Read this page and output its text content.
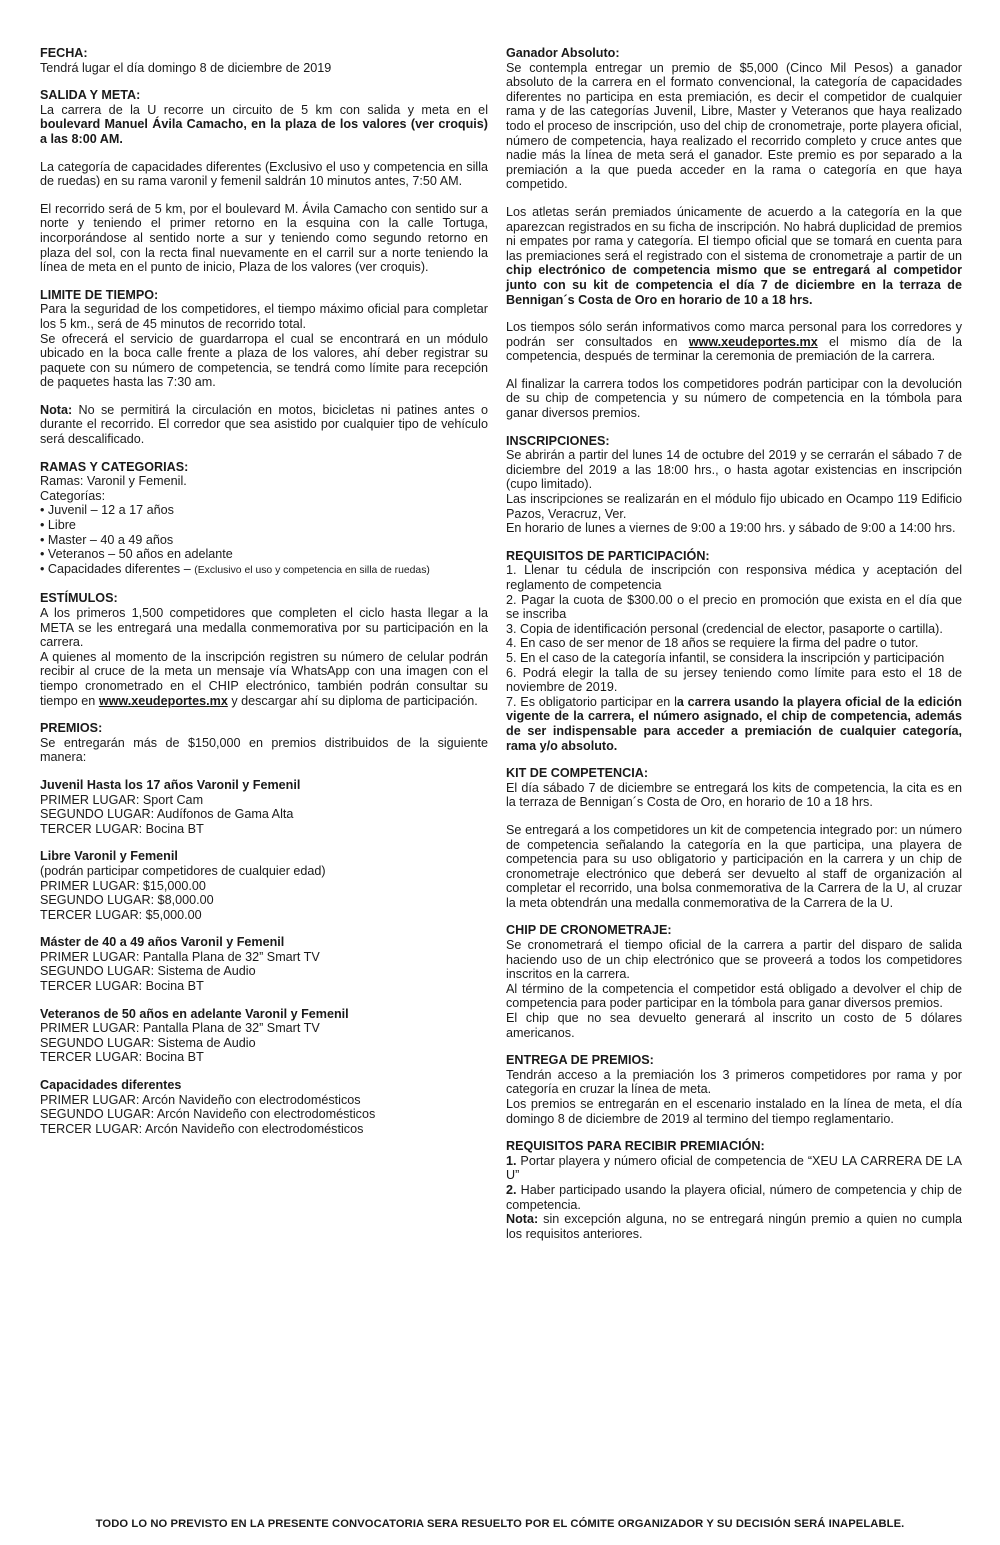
FECHA:

Tendrá lugar el día domingo 8 de diciembre de 2019

SALIDA Y META:

La carrera de la U recorre un circuito de 5 km con salida y meta en el boulevard Manuel Ávila Camacho, en la plaza de los valores (ver croquis) a las 8:00 AM.

La categoría de capacidades diferentes (Exclusivo el uso y competencia en silla de ruedas) en su rama varonil y femenil saldrán 10 minutos antes, 7:50 AM.

El recorrido será de 5 km, por el boulevard M. Ávila Camacho con sentido sur a norte y teniendo el primer retorno en la esquina con la calle Tortuga, incorporándose al sentido norte a sur y teniendo como segundo retorno en plaza del sol, con la recta final nuevamente en el carril sur a norte teniendo la línea de meta en el punto de inicio, Plaza de los valores (ver croquis).

LIMITE DE TIEMPO:

Para la seguridad de los competidores, el tiempo máximo oficial para completar los 5 km., será de 45 minutos de recorrido total.

Se ofrecerá el servicio de guardarropa el cual se encontrará en un módulo ubicado en la boca calle frente a plaza de los valores, ahí deber registrar su paquete con su número de competencia, se tendrá como límite para recepción de paquetes hasta las 7:30 am.

Nota: No se permitirá la circulación en motos, bicicletas ni patines antes o durante el recorrido. El corredor que sea asistido por cualquier tipo de vehículo será descalificado.

RAMAS Y CATEGORIAS:

Ramas: Varonil y Femenil.

Categorías:

• Juvenil – 12 a 17 años

• Libre

• Master – 40 a 49 años

• Veteranos – 50 años en adelante

• Capacidades diferentes – (Exclusivo el uso y competencia en silla de ruedas)

ESTÍMULOS:

A los primeros 1,500 competidores que completen el ciclo hasta llegar a la META se les entregará una medalla conmemorativa por su participación en la carrera.

A quienes al momento de la inscripción registren su número de celular podrán recibir al cruce de la meta un mensaje vía WhatsApp con una imagen con el tiempo cronometrado en el CHIP electrónico, también podrán consultar su tiempo en www.xeudeportes.mx y descargar ahí su diploma de participación.

PREMIOS:

Se entregarán más de $150,000 en premios distribuidos de la siguiente manera:

Juvenil Hasta los 17 años Varonil y Femenil

PRIMER LUGAR: Sport Cam

SEGUNDO LUGAR: Audífonos de Gama Alta

TERCER LUGAR: Bocina BT

Libre Varonil y Femenil

(podrán participar competidores de cualquier edad)

PRIMER LUGAR: $15,000.00

SEGUNDO LUGAR: $8,000.00

TERCER LUGAR: $5,000.00

Máster de 40 a 49 años Varonil y Femenil

PRIMER LUGAR: Pantalla Plana de 32” Smart TV

SEGUNDO LUGAR: Sistema de Audio

TERCER LUGAR: Bocina BT

Veteranos de 50 años en adelante Varonil y Femenil

PRIMER LUGAR: Pantalla Plana de 32” Smart TV

SEGUNDO LUGAR: Sistema de Audio

TERCER LUGAR: Bocina BT

Capacidades diferentes

PRIMER LUGAR: Arcón Navideño con electrodomésticos

SEGUNDO LUGAR: Arcón Navideño con electrodomésticos

TERCER LUGAR: Arcón Navideño con electrodomésticos

Ganador Absoluto:

Se contempla entregar un premio de $5,000 (Cinco Mil Pesos) a ganador absoluto de la carrera en el formato convencional, la categoría de capacidades diferentes no participa en esta premiación, es decir el competidor de cualquier rama y de las categorías Juvenil, Libre, Master y Veteranos que haya realizado todo el proceso de inscripción, uso del chip de cronometraje, porte playera oficial, número de competencia, haya realizado el recorrido completo y cruce antes que nadie más la línea de meta será el ganador. Este premio es por separado a la premiación a la que pueda acceder en la rama o categoría en que haya competido.

Los atletas serán premiados únicamente de acuerdo a la categoría en la que aparezcan registrados en su ficha de inscripción. No habrá duplicidad de premios ni empates por rama y categoría. El tiempo oficial que se tomará en cuenta para las premiaciones será el registrado con el sistema de cronometraje a partir de un chip electrónico de competencia mismo que se entregará al competidor junto con su kit de competencia el día 7 de diciembre en la terraza de Bennigan´s Costa de Oro en horario de 10 a 18 hrs.

Los tiempos sólo serán informativos como marca personal para los corredores y podrán ser consultados en www.xeudeportes.mx el mismo día de la competencia, después de terminar la ceremonia de premiación de la carrera.

Al finalizar la carrera todos los competidores podrán participar con la devolución de su chip de competencia y su número de competencia en la tómbola para ganar diversos premios.

INSCRIPCIONES:

Se abrirán a partir del lunes 14 de octubre del 2019 y se cerrarán el sábado 7 de diciembre del 2019 a las 18:00 hrs., o hasta agotar existencias en inscripción (cupo limitado).

Las inscripciones se realizarán en el módulo fijo ubicado en Ocampo 119 Edificio Pazos, Veracruz, Ver.

En horario de lunes a viernes de 9:00 a 19:00 hrs. y sábado de 9:00 a 14:00 hrs.

REQUISITOS DE PARTICIPACIÓN:

1. Llenar tu cédula de inscripción con responsiva médica y aceptación del reglamento de competencia

2. Pagar la cuota de $300.00 o el precio en promoción que exista en el día que se inscriba

3. Copia de identificación personal (credencial de elector, pasaporte o cartilla).

4. En caso de ser menor de 18 años se requiere la firma del padre o tutor.

5. En el caso de la categoría infantil, se considera la inscripción y participación

6. Podrá elegir la talla de su jersey teniendo como límite para esto el 18 de noviembre de 2019.

7. Es obligatorio participar en la carrera usando la playera oficial de la edición vigente de la carrera, el número asignado, el chip de competencia, además de ser indispensable para acceder a premiación de cualquier categoría, rama y/o absoluto.

KIT DE COMPETENCIA:

El día sábado 7 de diciembre se entregará los kits de competencia, la cita es en la terraza de Bennigan´s Costa de Oro, en horario de 10 a 18 hrs.

Se entregará a los competidores un kit de competencia integrado por: un número de competencia señalando la categoría en la que participa, una playera de competencia para su uso obligatorio y participación en la carrera y un chip de cronometraje electrónico que deberá ser devuelto al staff de organización al completar el recorrido, una bolsa conmemorativa de la Carrera de la U, al cruzar la meta obtendrán una medalla conmemorativa de la Carrera de la U.

CHIP DE CRONOMETRAJE:

Se cronometrará el tiempo oficial de la carrera a partir del disparo de salida haciendo uso de un chip electrónico que se proveerá a todos los competidores inscritos en la carrera.

Al término de la competencia el competidor está obligado a devolver el chip de competencia para poder participar en la tómbola para ganar diversos premios.

El chip que no sea devuelto generará al inscrito un costo de 5 dólares americanos.

ENTREGA DE PREMIOS:

Tendrán acceso a la premiación los 3 primeros competidores por rama y por categoría en cruzar la línea de meta.

Los premios se entregarán en el escenario instalado en la línea de meta, el día domingo 8 de diciembre de 2019 al termino del tiempo reglamentario.

REQUISITOS PARA RECIBIR PREMIACIÓN:

1. Portar playera y número oficial de competencia de “XEU LA CARRERA DE LA U”

2. Haber participado usando la playera oficial, número de competencia y chip de competencia.

Nota: sin excepción alguna, no se entregará ningún premio a quien no cumpla los requisitos anteriores.

TODO LO NO PREVISTO EN LA PRESENTE CONVOCATORIA SERA RESUELTO POR EL CÓMITE ORGANIZADOR Y SU DECISIÓN SERÁ INAPELABLE.
